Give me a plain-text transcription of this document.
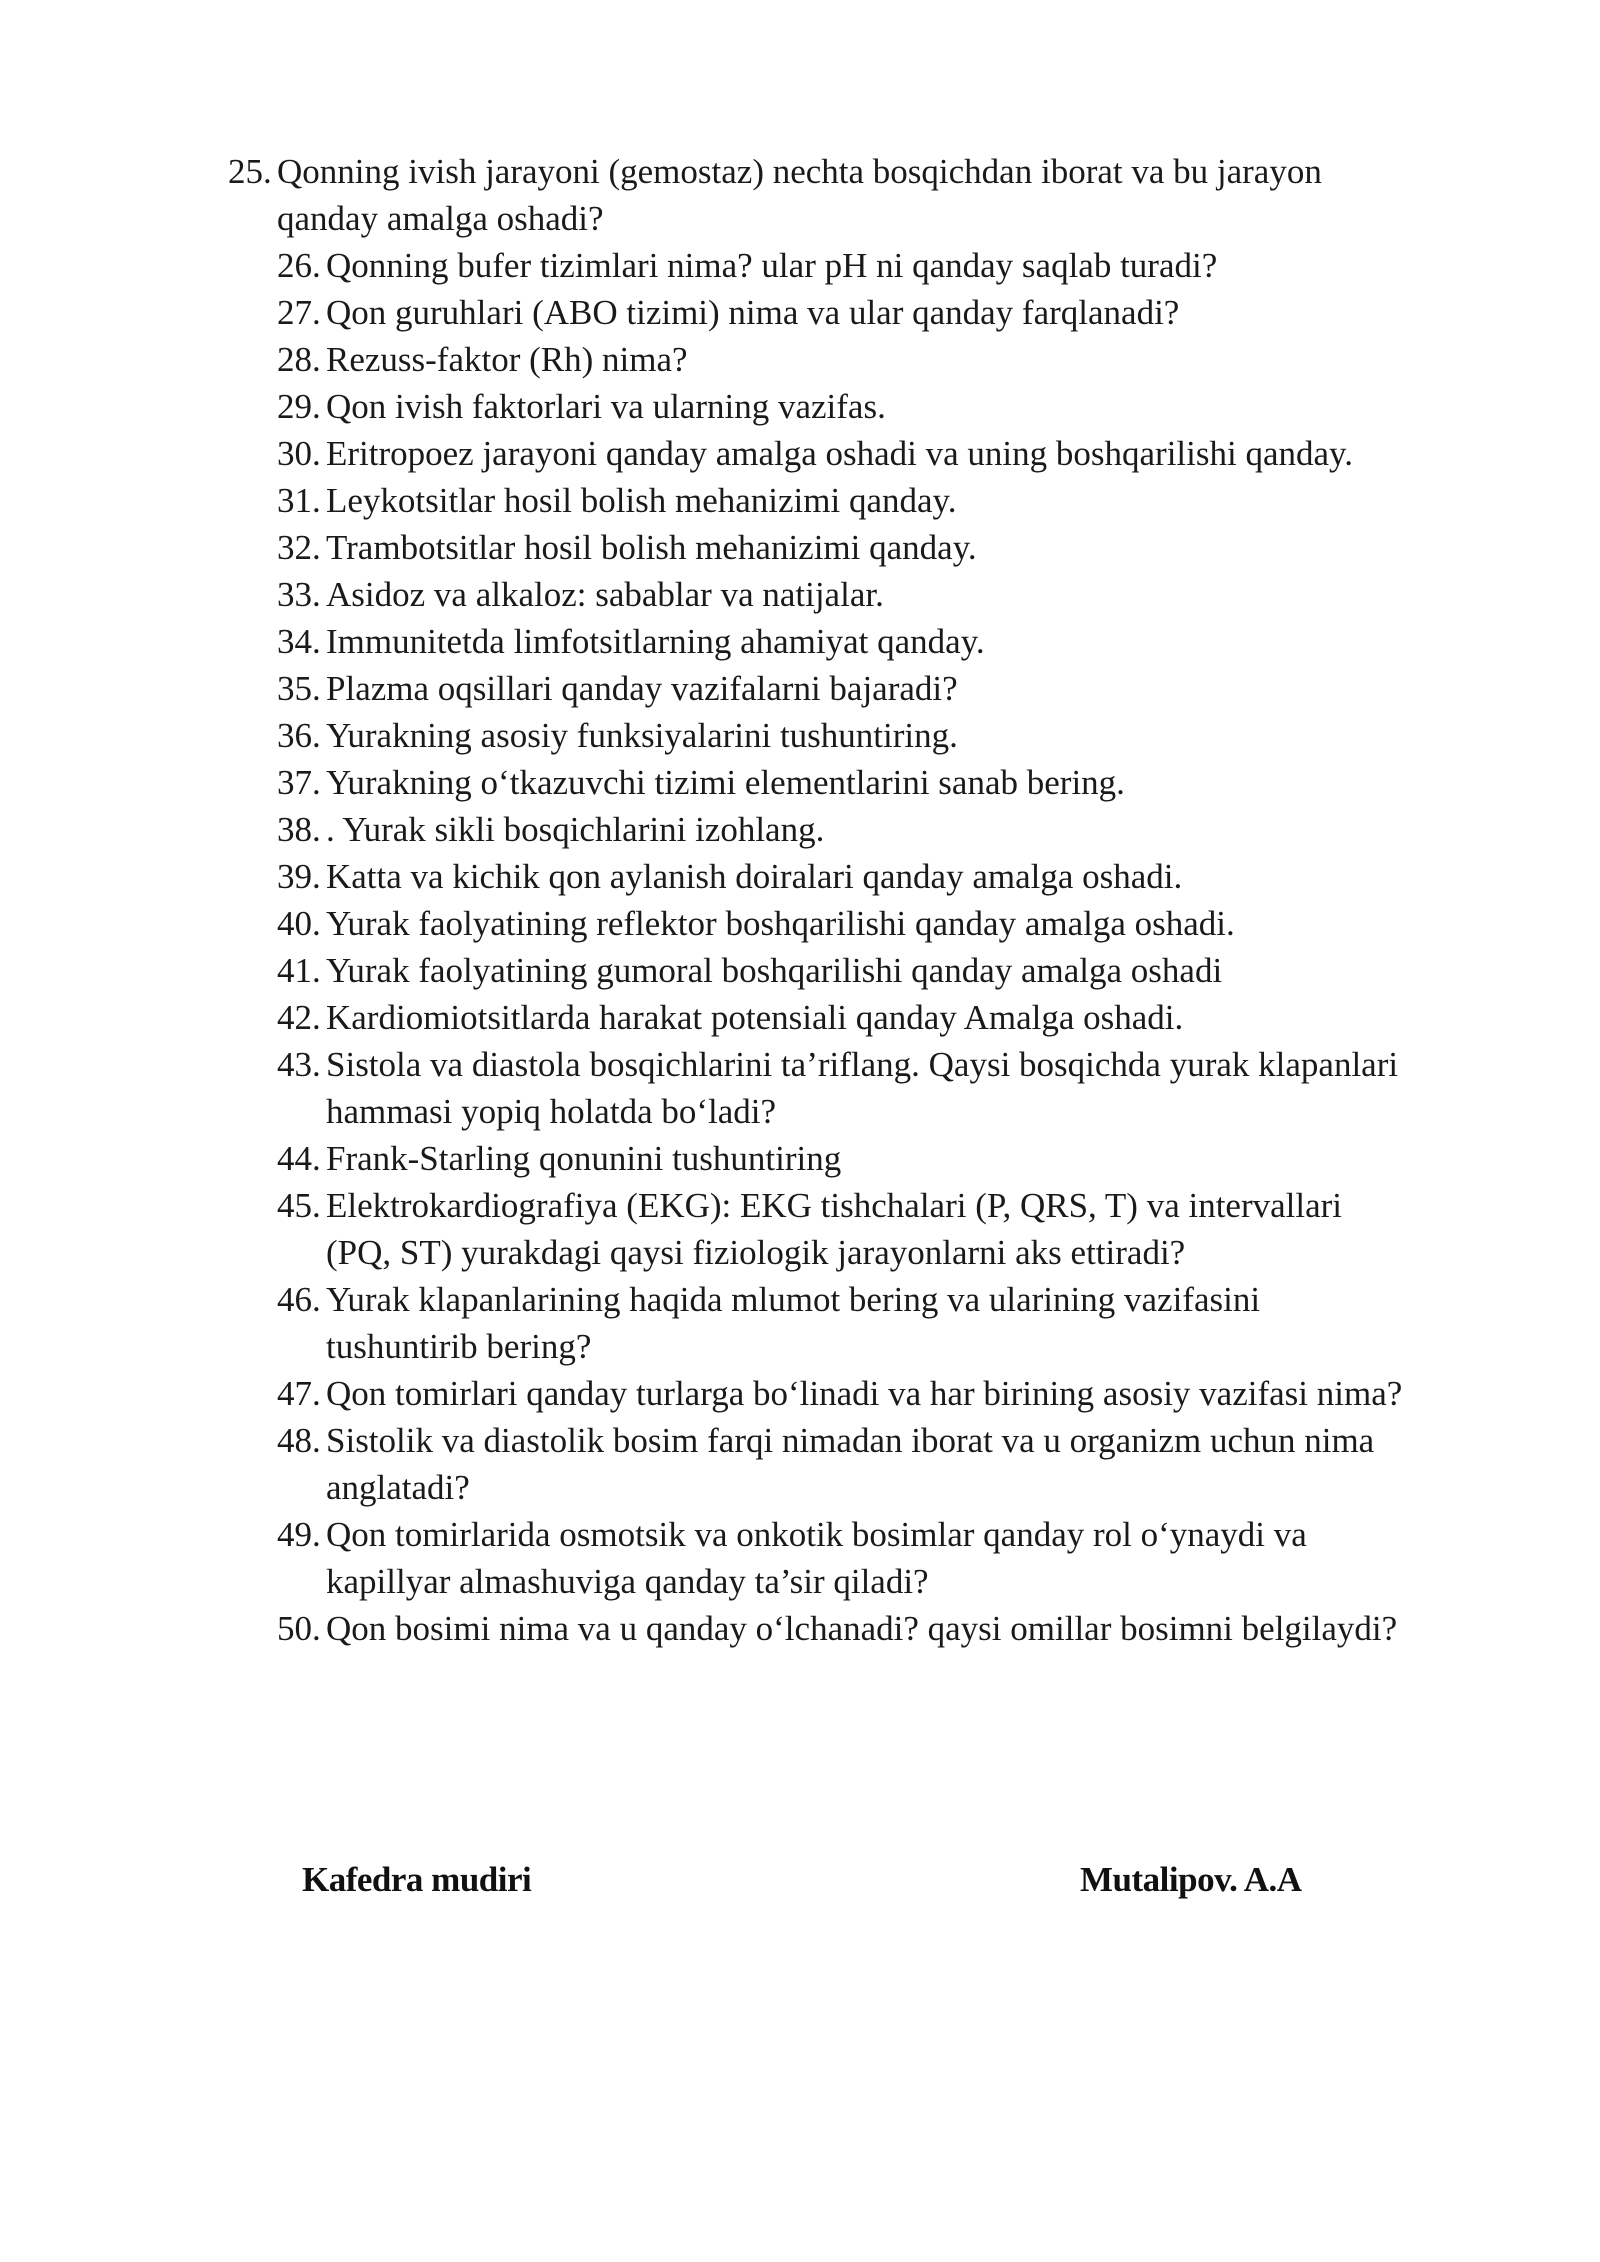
25. Qonning ivish jarayoni (gemostaz) nechta bosqichdan iborat va bu jarayon
qanday amalga oshadi?
26. Qonning bufer tizimlari nima? ular pH ni qanday saqlab turadi?
27. Qon guruhlari (ABO tizimi) nima va ular qanday farqlanadi?
28. Rezuss-faktor (Rh) nima?
29. Qon ivish faktorlari va ularning vazifas.
30. Eritropoez jarayoni qanday amalga oshadi va uning boshqarilishi qanday.
31. Leykotsitlar hosil bolish mehanizimi qanday.
32. Trambotsitlar hosil bolish mehanizimi qanday.
33. Asidoz va alkaloz: sabablar va natijalar.
34. Immunitetda limfotsitlarning ahamiyat qanday.
35. Plazma oqsillari qanday vazifalarni bajaradi?
36. Yurakning asosiy funksiyalarini tushuntiring.
37. Yurakning o‘tkazuvchi tizimi elementlarini sanab bering.
38. . Yurak sikli bosqichlarini izohlang.
39. Katta va kichik qon aylanish doiralari qanday amalga oshadi.
40. Yurak faolyatining reflektor boshqarilishi qanday amalga oshadi.
41. Yurak faolyatining gumoral boshqarilishi qanday amalga oshadi
42. Kardiomiotsitlarda harakat potensiali qanday Amalga oshadi.
43. Sistola va diastola bosqichlarini ta’riflang. Qaysi bosqichda yurak klapanlari
hammasi yopiq holatda bo‘ladi?
44. Frank-Starling qonunini tushuntiring
45. Elektrokardiografiya (EKG): EKG tishchalari (P, QRS, T) va intervallari
(PQ, ST) yurakdagi qaysi fiziologik jarayonlarni aks ettiradi?
46. Yurak klapanlarining haqida mlumot bering va ularining vazifasini
tushuntirib bering?
47. Qon tomirlari qanday turlarga bo‘linadi va har birining asosiy vazifasi nima?
48. Sistolik va diastolik bosim farqi nimadan iborat va u organizm uchun nima
anglatadi?
49. Qon tomirlarida osmotsik va onkotik bosimlar qanday rol o‘ynaydi va
kapillyar almashuviga qanday ta’sir qiladi?
50. Qon bosimi nima va u qanday o‘lchanadi? qaysi omillar bosimni belgilaydi?
Kafedra mudiri	Mutalipov. A.A
